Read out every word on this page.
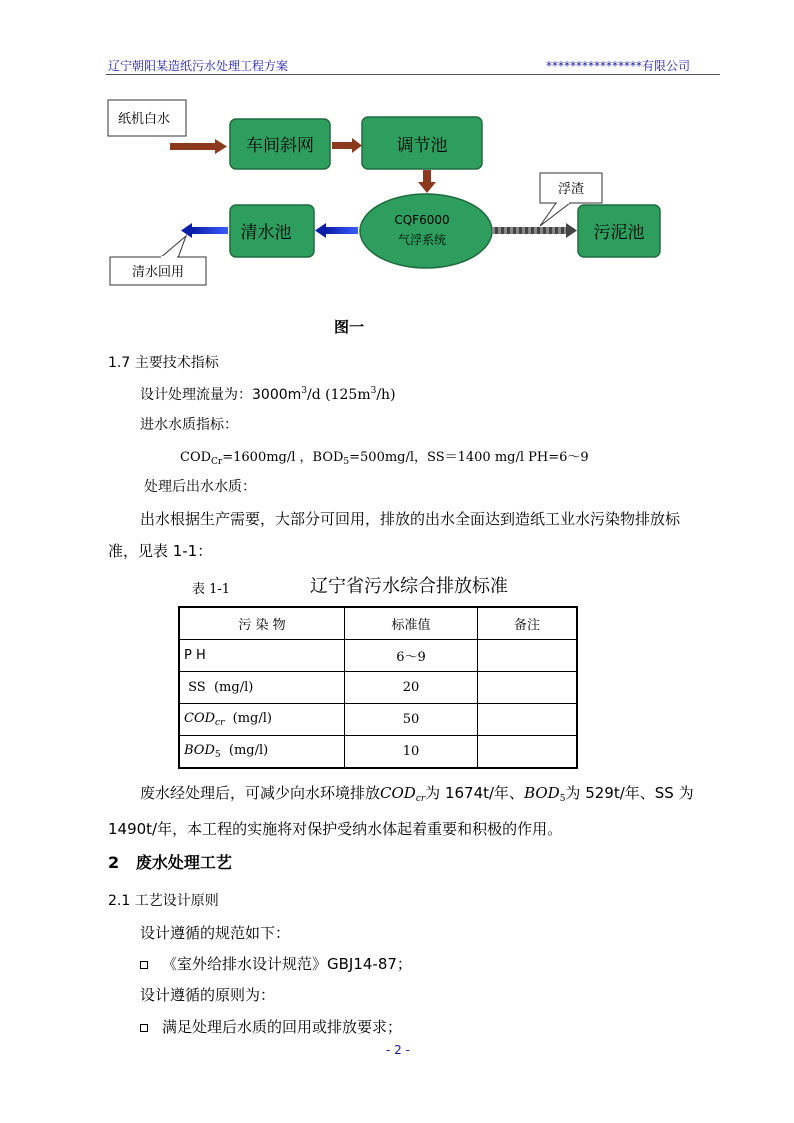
辽宁朝阳某造纸污水处理工程方案	****************有限公司
纸机白水
车间斜网	调节池
CQF6000
气浮系统
清水池
清水回用
浮渣
污泥池
图一
1.7 主要技术指标
设计处理流量为：$3000m^3/d$ $(125m^3/h)$
进水水质指标：
$COD_{Cr}=1600mg/l$ ，$BOD_5=500mg/l$，SS＝1400 mg/l PH=6～9
处理后出水水质：
出水根据生产需要，大部分可回用，排放的出水全面达到造纸工业水污染物排放标
准，见表 1-1：
表 1-1	辽宁省污水综合排放标准
污 染 物	标准值	备注
P H	6～9	
SS  (mg/l)	20	
$COD_{cr}$  (mg/l)	50	
$BOD_5$  (mg/l)	10	
废水经处理后，可减少向水环境排放$COD_{cr}$为 1674t/年、$BOD_5$为 529t/年、SS 为
1490t/年，本工程的实施将对保护受纳水体起着重要和积极的作用。
2   废水处理工艺
2.1 工艺设计原则
设计遵循的规范如下：
《室外给排水设计规范》GBJ14-87；
设计遵循的原则为：
满足处理后水质的回用或排放要求；
- 2 -
